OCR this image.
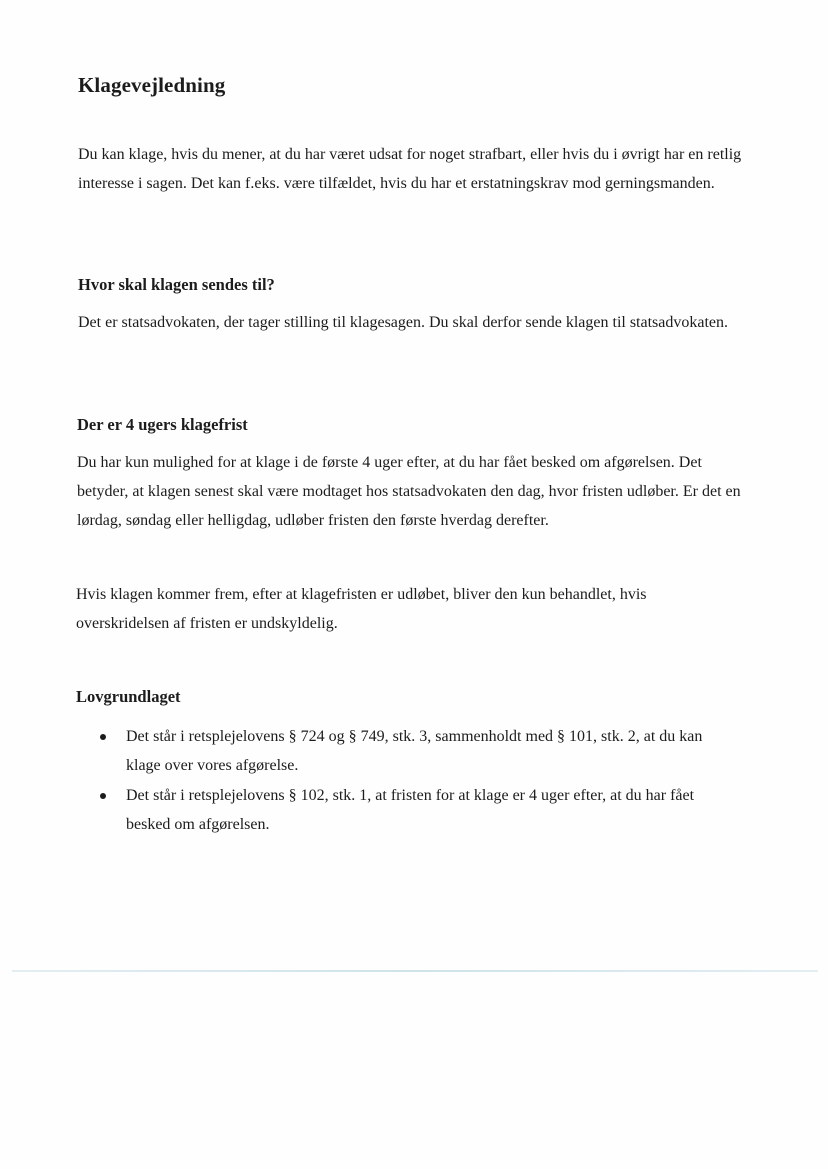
Klagevejledning

Du kan klage, hvis du mener, at du har været udsat for noget strafbart, eller hvis du i øvrigt har en retlig interesse i sagen. Det kan f.eks. være tilfældet, hvis du har et erstatningskrav mod gerningsmanden.

Hvor skal klagen sendes til?

Det er statsadvokaten, der tager stilling til klagesagen. Du skal derfor sende klagen til statsadvokaten.

Der er 4 ugers klagefrist

Du har kun mulighed for at klage i de første 4 uger efter, at du har fået besked om afgørelsen. Det betyder, at klagen senest skal være modtaget hos statsadvokaten den dag, hvor fristen udløber. Er det en lørdag, søndag eller helligdag, udløber fristen den første hverdag derefter.

Hvis klagen kommer frem, efter at klagefristen er udløbet, bliver den kun behandlet, hvis overskridelsen af fristen er undskyldelig.

Lovgrundlaget
Det står i retsplejelovens § 724 og § 749, stk. 3, sammenholdt med § 101, stk. 2, at du kan klage over vores afgørelse.
Det står i retsplejelovens § 102, stk. 1, at fristen for at klage er 4 uger efter, at du har fået besked om afgørelsen.
